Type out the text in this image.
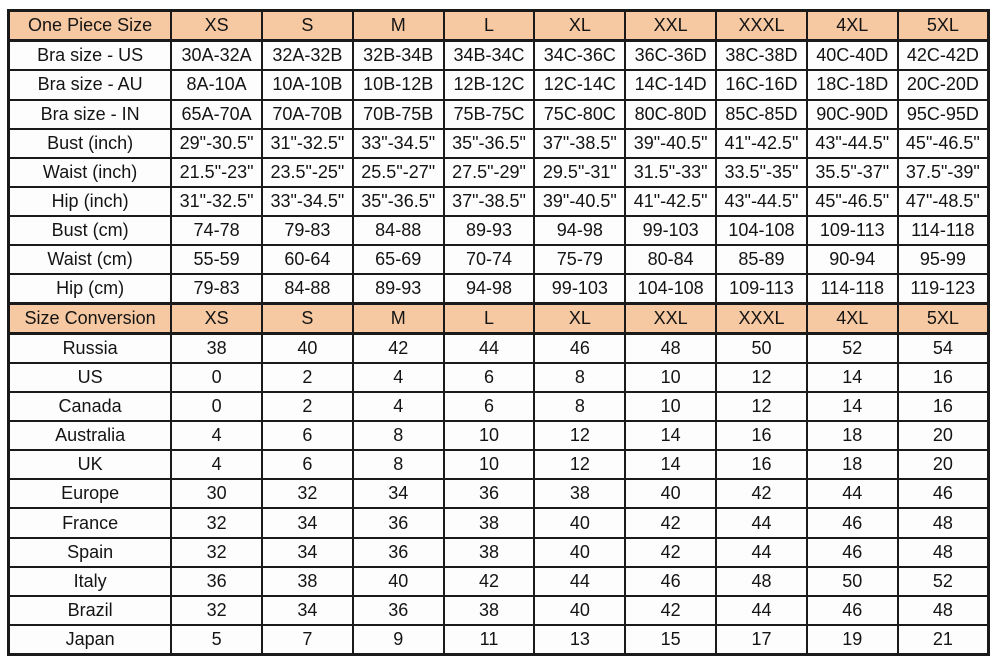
One Piece Size	XS	S	M	L	XL	XXL	XXXL	4XL	5XL
Bra size - US	30A-32A	32A-32B	32B-34B	34B-34C	34C-36C	36C-36D	38C-38D	40C-40D	42C-42D
Bra size - AU	8A-10A	10A-10B	10B-12B	12B-12C	12C-14C	14C-14D	16C-16D	18C-18D	20C-20D
Bra size - IN	65A-70A	70A-70B	70B-75B	75B-75C	75C-80C	80C-80D	85C-85D	90C-90D	95C-95D
Bust (inch)	29"-30.5"	31"-32.5"	33"-34.5"	35"-36.5"	37"-38.5"	39"-40.5"	41"-42.5"	43"-44.5"	45"-46.5"
Waist (inch)	21.5"-23"	23.5"-25"	25.5"-27"	27.5"-29"	29.5"-31"	31.5"-33"	33.5"-35"	35.5"-37"	37.5"-39"
Hip (inch)	31"-32.5"	33"-34.5"	35"-36.5"	37"-38.5"	39"-40.5"	41"-42.5"	43"-44.5"	45"-46.5"	47"-48.5"
Bust (cm)	74-78	79-83	84-88	89-93	94-98	99-103	104-108	109-113	114-118
Waist (cm)	55-59	60-64	65-69	70-74	75-79	80-84	85-89	90-94	95-99
Hip (cm)	79-83	84-88	89-93	94-98	99-103	104-108	109-113	114-118	119-123
Size Conversion	XS	S	M	L	XL	XXL	XXXL	4XL	5XL
Russia	38	40	42	44	46	48	50	52	54
US	0	2	4	6	8	10	12	14	16
Canada	0	2	4	6	8	10	12	14	16
Australia	4	6	8	10	12	14	16	18	20
UK	4	6	8	10	12	14	16	18	20
Europe	30	32	34	36	38	40	42	44	46
France	32	34	36	38	40	42	44	46	48
Spain	32	34	36	38	40	42	44	46	48
Italy	36	38	40	42	44	46	48	50	52
Brazil	32	34	36	38	40	42	44	46	48
Japan	5	7	9	11	13	15	17	19	21
